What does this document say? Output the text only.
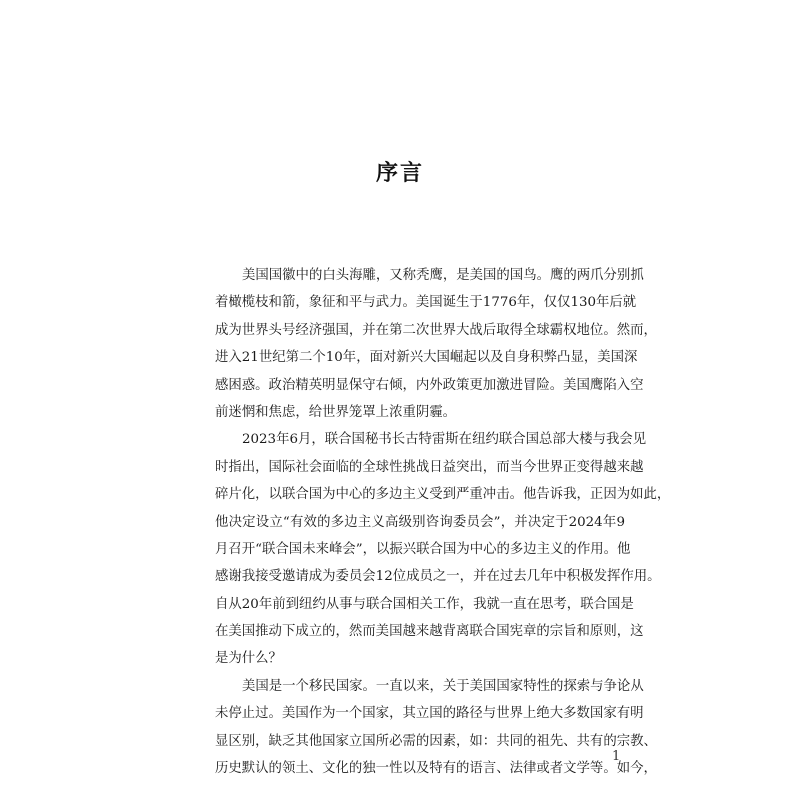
序言
美国国徽中的白头海雕，又称秃鹰，是美国的国鸟。鹰的两爪分别抓
着橄榄枝和箭，象征和平与武力。美国诞生于1776年，仅仅130年后就
成为世界头号经济强国，并在第二次世界大战后取得全球霸权地位。然而，
进入21世纪第二个10年，面对新兴大国崛起以及自身积弊凸显，美国深
感困惑。政治精英明显保守右倾，内外政策更加激进冒险。美国鹰陷入空
前迷惘和焦虑，给世界笼罩上浓重阴霾。
2023年6月，联合国秘书长古特雷斯在纽约联合国总部大楼与我会见
时指出，国际社会面临的全球性挑战日益突出，而当今世界正变得越来越
碎片化，以联合国为中心的多边主义受到严重冲击。他告诉我，正因为如此，
他决定设立“有效的多边主义高级别咨询委员会”，并决定于2024年9
月召开“联合国未来峰会”，以振兴联合国为中心的多边主义的作用。他
感谢我接受邀请成为委员会12位成员之一，并在过去几年中积极发挥作用。
自从20年前到纽约从事与联合国相关工作，我就一直在思考，联合国是
在美国推动下成立的，然而美国越来越背离联合国宪章的宗旨和原则，这
是为什么？
美国是一个移民国家。一直以来，关于美国国家特性的探索与争论从
未停止过。美国作为一个国家，其立国的路径与世界上绝大多数国家有明
显区别，缺乏其他国家立国所必需的因素，如：共同的祖先、共有的宗教、
历史默认的领土、文化的独一性以及特有的语言、法律或者文学等。如今，
1
